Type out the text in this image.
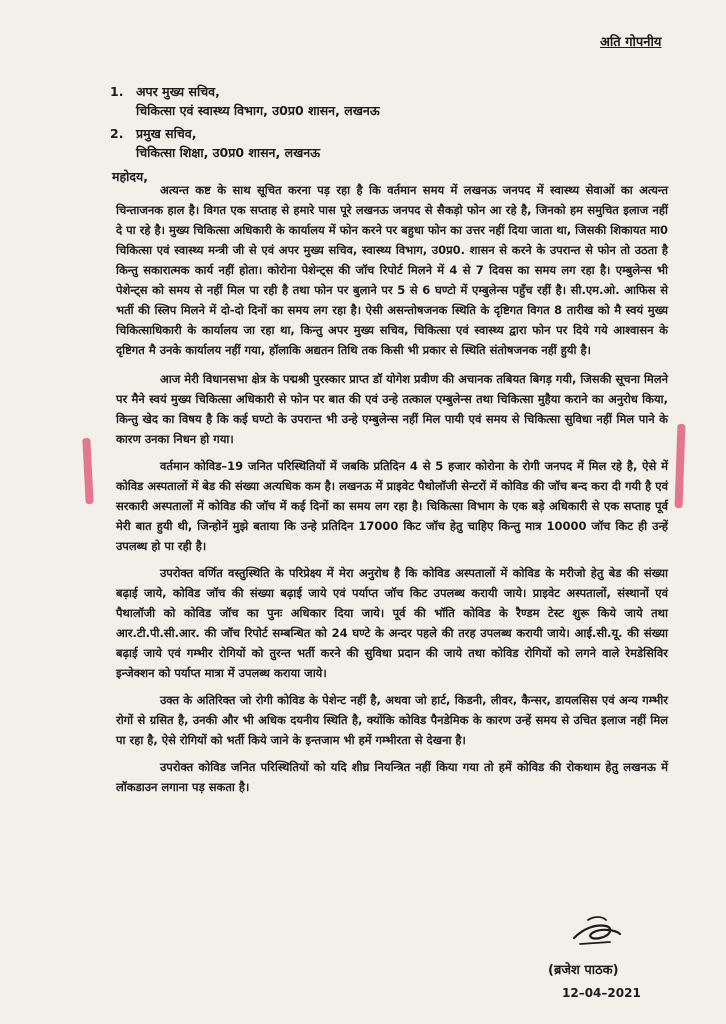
अति गोपनीय
1.	अपर मुख्य सचिव,
चिकित्सा एवं स्वास्थ्य विभाग, उ0प्र0 शासन, लखनऊ
2.	प्रमुख सचिव,
चिकित्सा शिक्षा, उ0प्र0 शासन, लखनऊ
महोदय,

अत्यन्त कष्ट के साथ सूचित करना पड़ रहा है कि वर्तमान समय में लखनऊ जनपद में स्वास्थ्य सेवाओं का अत्यन्त चिन्ताजनक हाल है। विगत एक सप्ताह से हमारे पास पूरे लखनऊ जनपद से सैकड़ो फोन आ रहे है, जिनको हम समुचित इलाज नहीं दे पा रहे है। मुख्य चिकित्सा अधिकारी के कार्यालय में फोन करने पर बहुधा फोन का उत्तर नहीं दिया जाता था, जिसकी शिकायत मा0 चिकित्सा एवं स्वास्थ्य मन्त्री जी से एवं अपर मुख्य सचिव, स्वास्थ्य विभाग, उ0प्र0. शासन से करने के उपरान्त से फोन तो उठता है किन्तु सकारात्मक कार्य नहीं होता। कोरोना पेशेन्ट्स की जॉच रिपोर्ट मिलने में 4 से 7 दिवस का समय लग रहा है। एम्बुलेन्स भी पेशेन्ट्स को समय से नहीं मिल पा रही है तथा फोन पर बुलाने पर 5 से 6 घण्टो में एम्बुलेन्स पहुँच रहीं है। सी.एम.ओ. आफिस से भर्ती की स्लिप मिलने में दो-दो दिनों का समय लग रहा है। ऐसी असन्तोषजनक स्थिति के दृष्टिगत विगत 8 तारीख को मै स्वयं मुख्य चिकित्साधिकारी के कार्यालय जा रहा था, किन्तु अपर मुख्य सचिव, चिकित्सा एवं स्वास्थ्य द्वारा फोन पर दिये गये आश्वासन के दृष्टिगत मै उनके कार्यालय नहीं गया, हॉलाकि अद्यतन तिथि तक किसी भी प्रकार से स्थिति संतोषजनक नहीं हुयी है।

आज मेरी विधानसभा क्षेत्र के पद्मश्री पुरस्कार प्राप्त डॉ योगेश प्रवीण की अचानक तबियत बिगड़ गयी, जिसकी सूचना मिलने पर मैने स्वयं मुख्य चिकित्सा अधिकारी से फोन पर बात की एवं उन्हे तत्काल एम्बुलेन्स तथा चिकित्सा मुहैया कराने का अनुरोध किया, किन्तु खेद का विषय है कि कई घण्टो के उपरान्त भी उन्हे एम्बुलेन्स नहीं मिल पायी एवं समय से चिकित्सा सुविधा नहीं मिल पाने के कारण उनका निधन हो गया।

वर्तमान कोविड–19 जनित परिस्थितियों में जबकि प्रतिदिन 4 से 5 हजार कोरोना के रोगी जनपद में मिल रहे है, ऐसे में कोविड अस्पतालों में बेड की संख्या अत्यधिक कम है। लखनऊ में प्राइवेट पैथोलॉजी सेन्टरों में कोविड की जॉच बन्द करा दी गयी है एवं सरकारी अस्पतालों में कोविड की जॉच में कई दिनों का समय लग रहा है। चिकित्सा विभाग के एक बड़े अधिकारी से एक सप्ताह पूर्व मेरी बात हुयी थी, जिन्होनें मुझे बताया कि उन्हे प्रतिदिन 17000 किट जॉच हेतु चाहिए किन्तु मात्र 10000 जॉच किट ही उन्हें उपलब्ध हो पा रही है।

उपरोक्त वर्णित वस्तुस्थिति के परिप्रेक्ष्य में मेरा अनुरोध है कि कोविड अस्पतालों में कोविड के मरीजो हेतु बेड की संख्या बढ़ाई जाये, कोविड जॉच की संख्या बढ़ाई जाये एवं पर्याप्त जॉच किट उपलब्ध करायी जाये। प्राइवेट अस्पतालों, संस्थानों एवं पैथालॉजी को कोविड जॉच का पुनः अधिकार दिया जाये। पूर्व की भॉति कोविड के रैण्डम टेस्ट शुरू किये जाये तथा आर.टी.पी.सी.आर. की जॉच रिपोर्ट सम्बन्धित को 24 घण्टे के अन्दर पहले की तरह उपलब्ध करायी जाये। आई.सी.यू. की संख्या बढ़ाई जाये एवं गम्भीर रोगियों को तुरन्त भर्ती करने की सुविधा प्रदान की जाये तथा कोविड रोगियों को लगने वाले रेमडेसिविर इन्जेक्शन को पर्याप्त मात्रा में उपलब्ध कराया जाये।

उक्त के अतिरिक्त जो रोगी कोविड के पेशेन्ट नहीं है, अथवा जो हार्ट, किडनी, लीवर, कैन्सर, डायलसिस एवं अन्य गम्भीर रोगों से ग्रसित है, उनकी और भी अधिक दयनीय स्थिति है, क्योंकि कोविड पैनडेमिक के कारण उन्हें समय से उचित इलाज नहीं मिल पा रहा है, ऐसे रोगियों को भर्ती किये जाने के इन्तजाम भी हमें गम्भीरता से देखना है।

उपरोक्त कोविड जनित परिस्थितियों को यदि शीघ्र नियन्त्रित नहीं किया गया तो हमें कोविड की रोकथाम हेतु लखनऊ में लॉकडाउन लगाना पड़ सकता है।

(ब्रजेश पाठक)
12–04–2021
